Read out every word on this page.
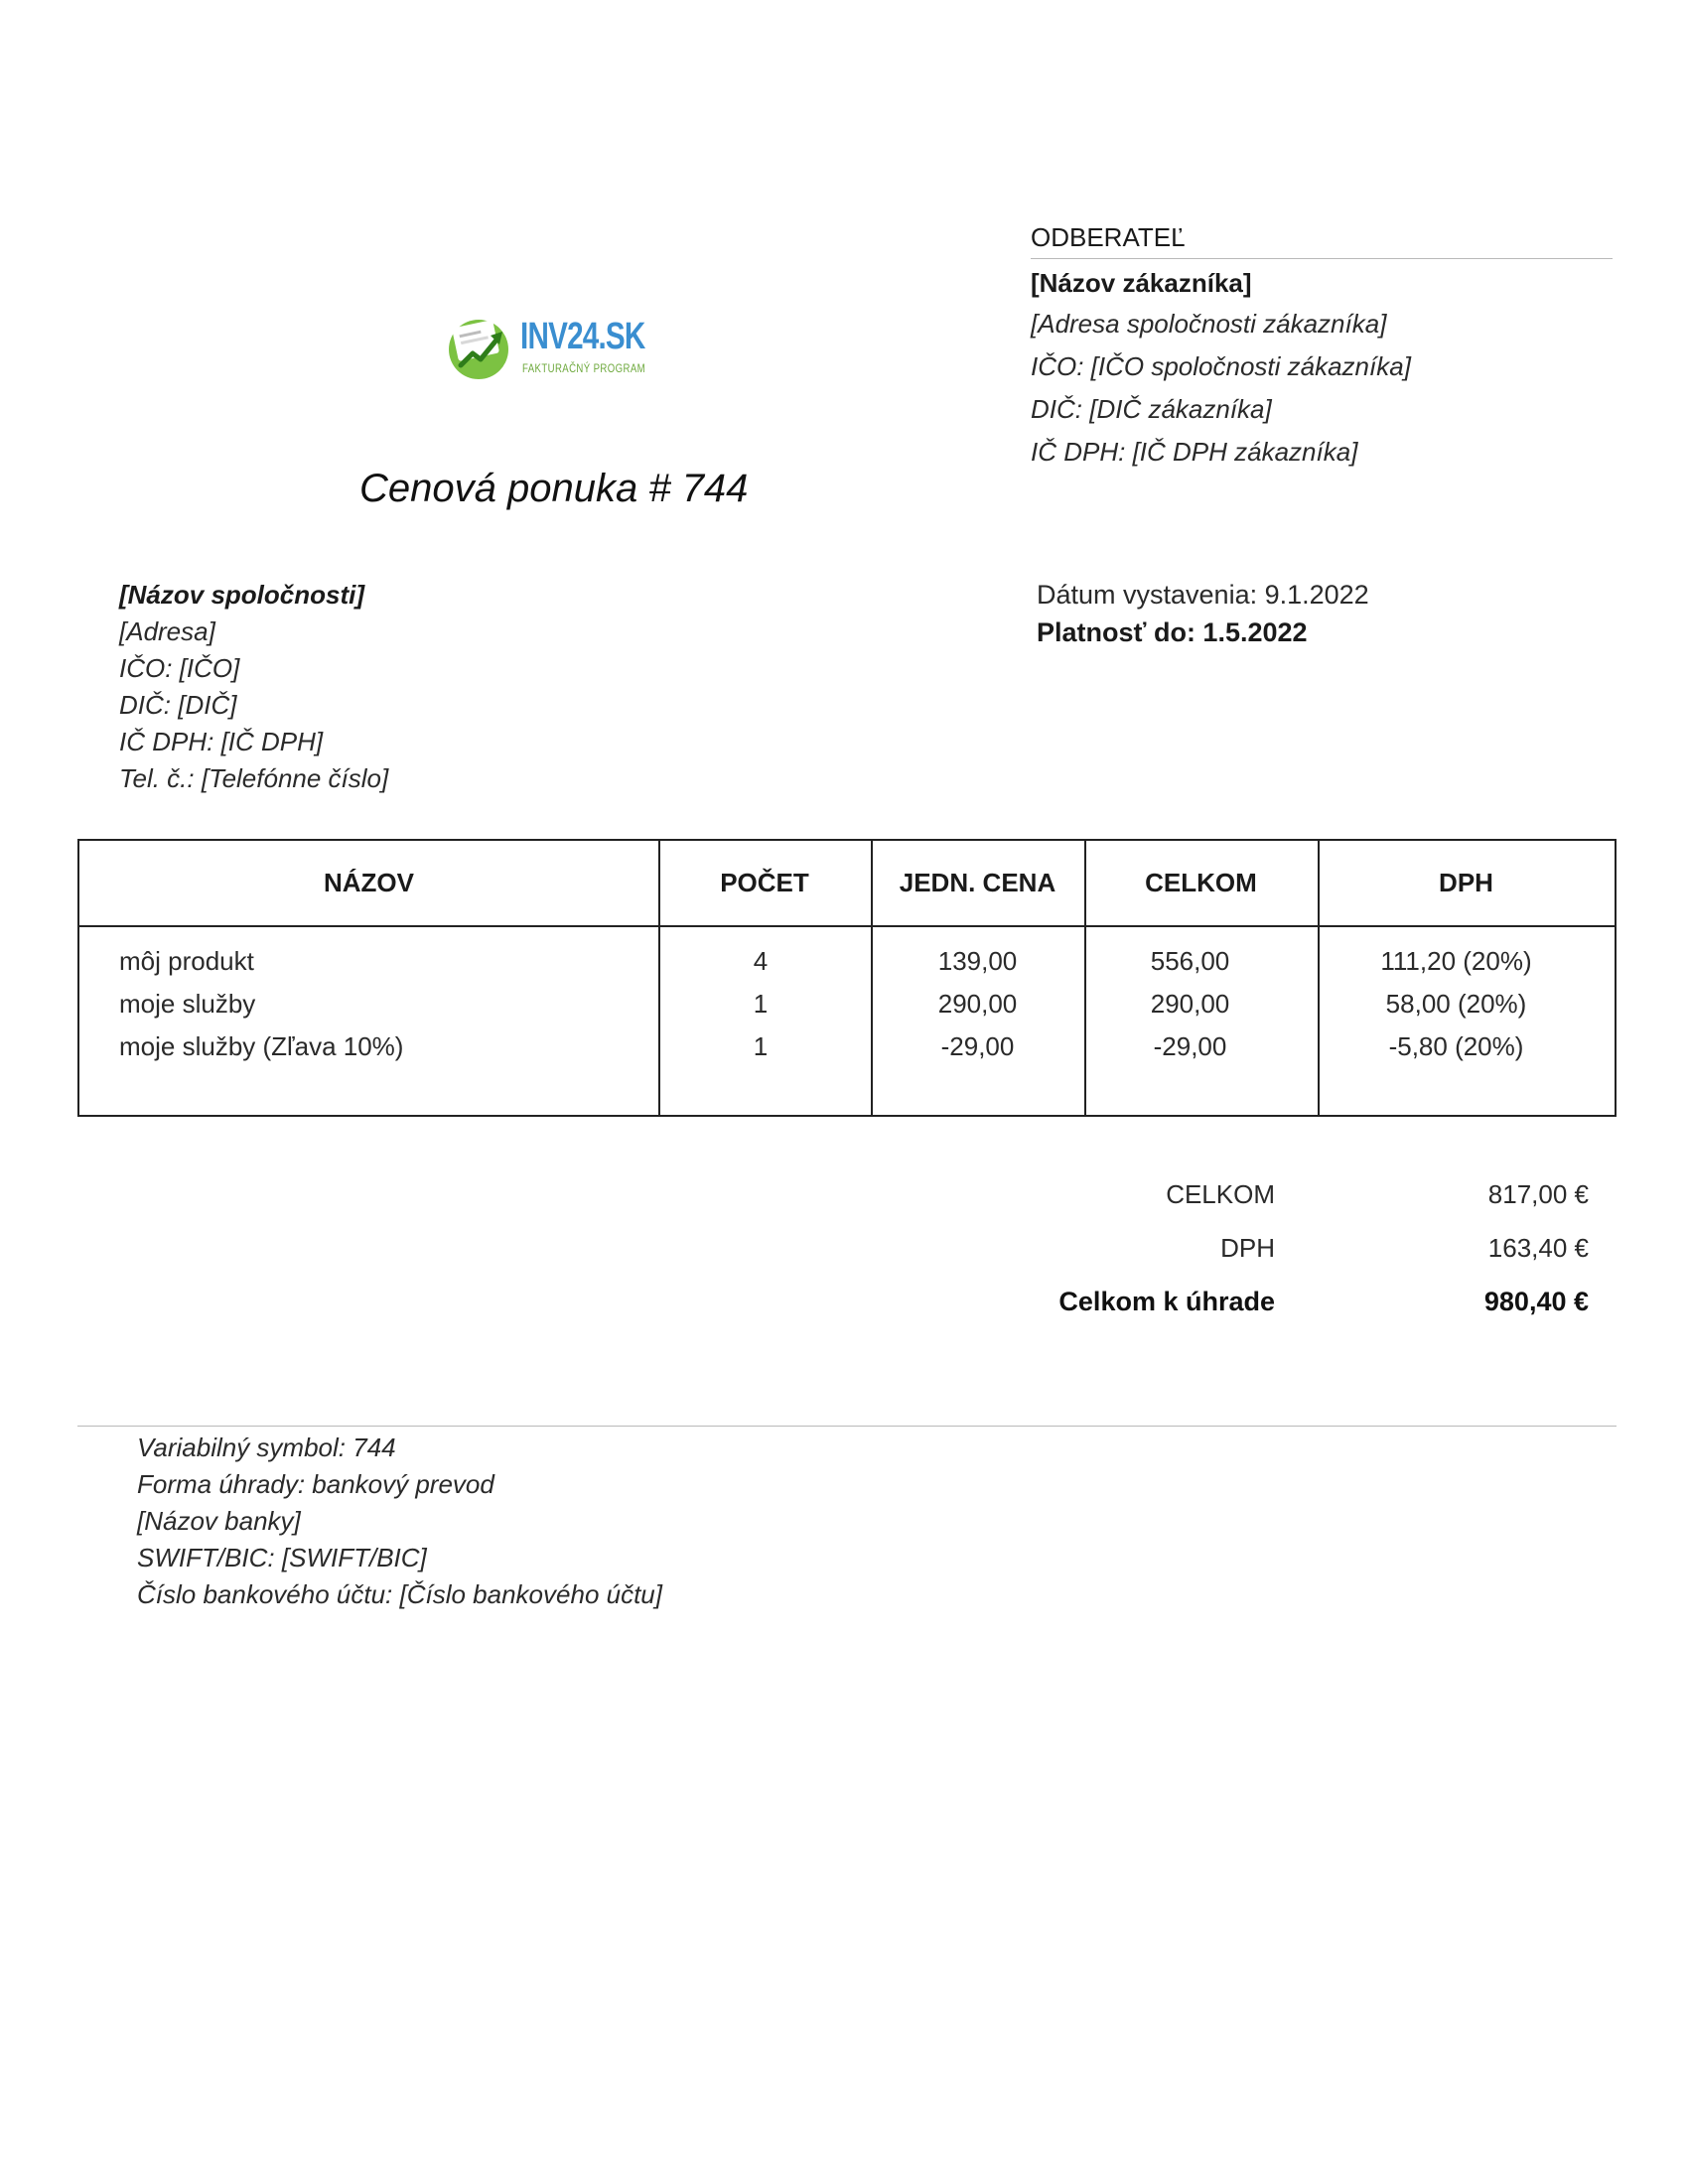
INV24.SK
FAKTURAČNÝ PROGRAM
ODBERATEĽ
[Názov zákazníka]
[Adresa spoločnosti zákazníka]
IČO: [IČO spoločnosti zákazníka]
DIČ: [DIČ zákazníka]
IČ DPH: [IČ DPH zákazníka]
Cenová ponuka # 744
[Názov spoločnosti]
[Adresa]
IČO: [IČO]
DIČ: [DIČ]
IČ DPH: [IČ DPH]
Tel. č.: [Telefónne číslo]
Dátum vystavenia: 9.1.2022
Platnosť do: 1.5.2022
NÁZOV	POČET	JEDN. CENA	CELKOM	DPH
môj produkt	4	139,00	556,00	111,20 (20%)
moje služby	1	290,00	290,00	58,00 (20%)
moje služby (Zľava 10%)	1	-29,00	-29,00	-5,80 (20%)
CELKOM	817,00 €
DPH	163,40 €
Celkom k úhrade	980,40 €
Variabilný symbol: 744
Forma úhrady: bankový prevod
[Názov banky]
SWIFT/BIC: [SWIFT/BIC]
Číslo bankového účtu: [Číslo bankového účtu]
